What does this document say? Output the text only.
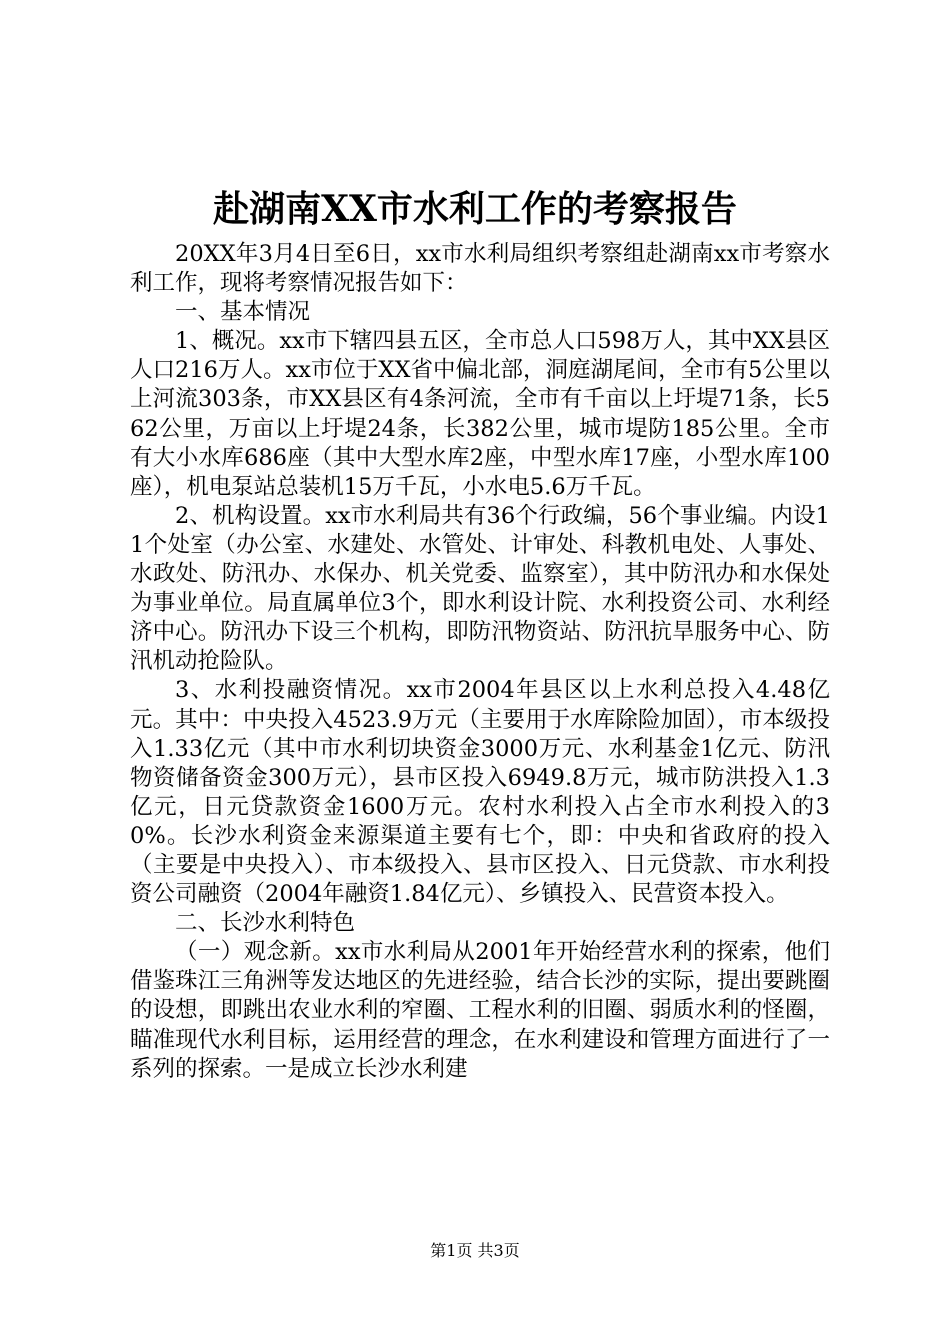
赴湖南XX市水利工作的考察报告

20XX年3月4日至6日，xx市水利局组织考察组赴湖南xx市考察水利工作，现将考察情况报告如下：

一、基本情况

1、概况。xx市下辖四县五区，全市总人口598万人，其中XX县区人口216万人。xx市位于XX省中偏北部，洞庭湖尾间，全市有5公里以上河流303条，市XX县区有4条河流，全市有千亩以上圩堤71条，长562公里，万亩以上圩堤24条，长382公里，城市堤防185公里。全市有大小水库686座（其中大型水库2座，中型水库17座，小型水库100座），机电泵站总装机15万千瓦，小水电5.6万千瓦。

2、机构设置。xx市水利局共有36个行政编，56个事业编。内设11个处室（办公室、水建处、水管处、计审处、科教机电处、人事处、水政处、防汛办、水保办、机关党委、监察室），其中防汛办和水保处为事业单位。局直属单位3个，即水利设计院、水利投资公司、水利经济中心。防汛办下设三个机构，即防汛物资站、防汛抗旱服务中心、防汛机动抢险队。

3、水利投融资情况。xx市2004年县区以上水利总投入4.48亿元。其中：中央投入4523.9万元（主要用于水库除险加固），市本级投入1.33亿元（其中市水利切块资金3000万元、水利基金1亿元、防汛物资储备资金300万元），县市区投入6949.8万元，城市防洪投入1.3亿元，日元贷款资金1600万元。农村水利投入占全市水利投入的30%。长沙水利资金来源渠道主要有七个，即：中央和省政府的投入（主要是中央投入）、市本级投入、县市区投入、日元贷款、市水利投资公司融资（2004年融资1.84亿元）、乡镇投入、民营资本投入。

二、长沙水利特色

（一）观念新。xx市水利局从2001年开始经营水利的探索，他们借鉴珠江三角洲等发达地区的先进经验，结合长沙的实际，提出要跳圈的设想，即跳出农业水利的窄圈、工程水利的旧圈、弱质水利的怪圈，瞄准现代水利目标，运用经营的理念，在水利建设和管理方面进行了一系列的探索。一是成立长沙水利建

第1页 共3页
